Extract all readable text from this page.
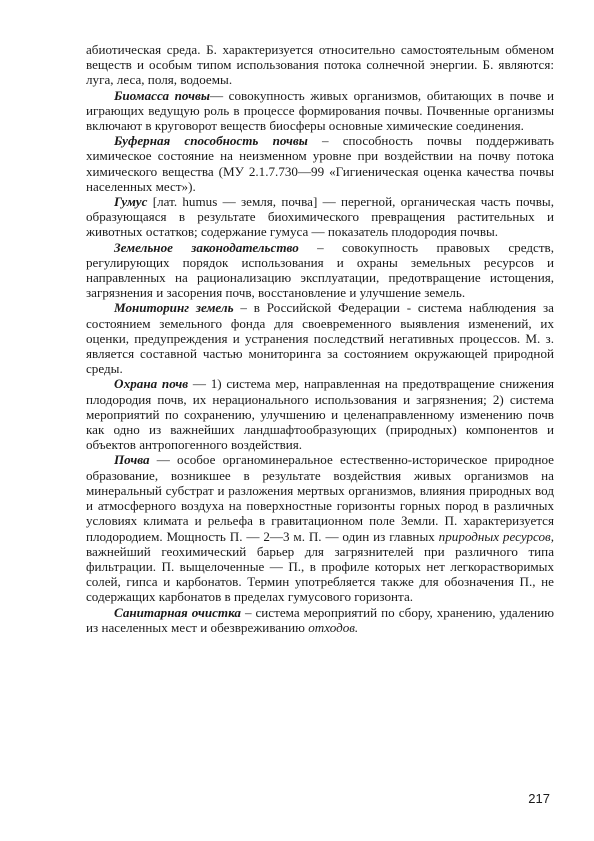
абиотическая среда. Б. характеризуется относительно самостоятельным обменом веществ и особым типом использования потока солнечной энергии. Б. являются: луга, леса, поля, водоемы.

Биомасса почвы— совокупность живых организмов, обитающих в почве и играющих ведущую роль в процессе формирования почвы. Почвенные организмы включают в круговорот веществ биосферы основные химические соединения.

Буферная способность почвы – способность почвы поддерживать химическое состояние на неизменном уровне при воздействии на почву потока химического вещества (МУ 2.1.7.730—99 «Гигиеническая оценка качества почвы населенных мест»).

Гумус [лат. humus — земля, почва] — перегной, органическая часть почвы, образующаяся в результате биохимического превращения растительных и животных остатков; содержание гумуса — показатель плодородия почвы.

Земельное законодательство – совокупность правовых средств, регулирующих порядок использования и охраны земельных ресурсов и направленных на рационализацию эксплуатации, предотвращение истощения, загрязнения и засорения почв, восстановление и улучшение земель.

Мониторинг земель – в Российской Федерации - система наблюдения за состоянием земельного фонда для своевременного выявления изменений, их оценки, предупреждения и устранения последствий негативных процессов. М. з. является составной частью мониторинга за состоянием окружающей природной среды.

Охрана почв — 1) система мер, направленная на предотвращение снижения плодородия почв, их нерационального использования и загрязнения; 2) система мероприятий по сохранению, улучшению и целенаправленному изменению почв как одно из важнейших ландшафтообразующих (природных) компонентов и объектов антропогенного воздействия.

Почва — особое органоминеральное естественно-историческое природное образование, возникшее в результате воздействия живых организмов на минеральный субстрат и разложения мертвых организмов, влияния природных вод и атмосферного воздуха на поверхностные горизонты горных пород в различных условиях климата и рельефа в гравитационном поле Земли. П. характеризуется плодородием. Мощность П. — 2—3 м. П. — один из главных природных ресурсов, важнейший геохимический барьер для загрязнителей при различного типа фильтрации. П. выщелоченные — П., в профиле которых нет легкорастворимых солей, гипса и карбонатов. Термин употребляется также для обозначения П., не содержащих карбонатов в пределах гумусового горизонта.

Санитарная очистка – система мероприятий по сбору, хранению, удалению из населенных мест и обезвреживанию отходов.

217
